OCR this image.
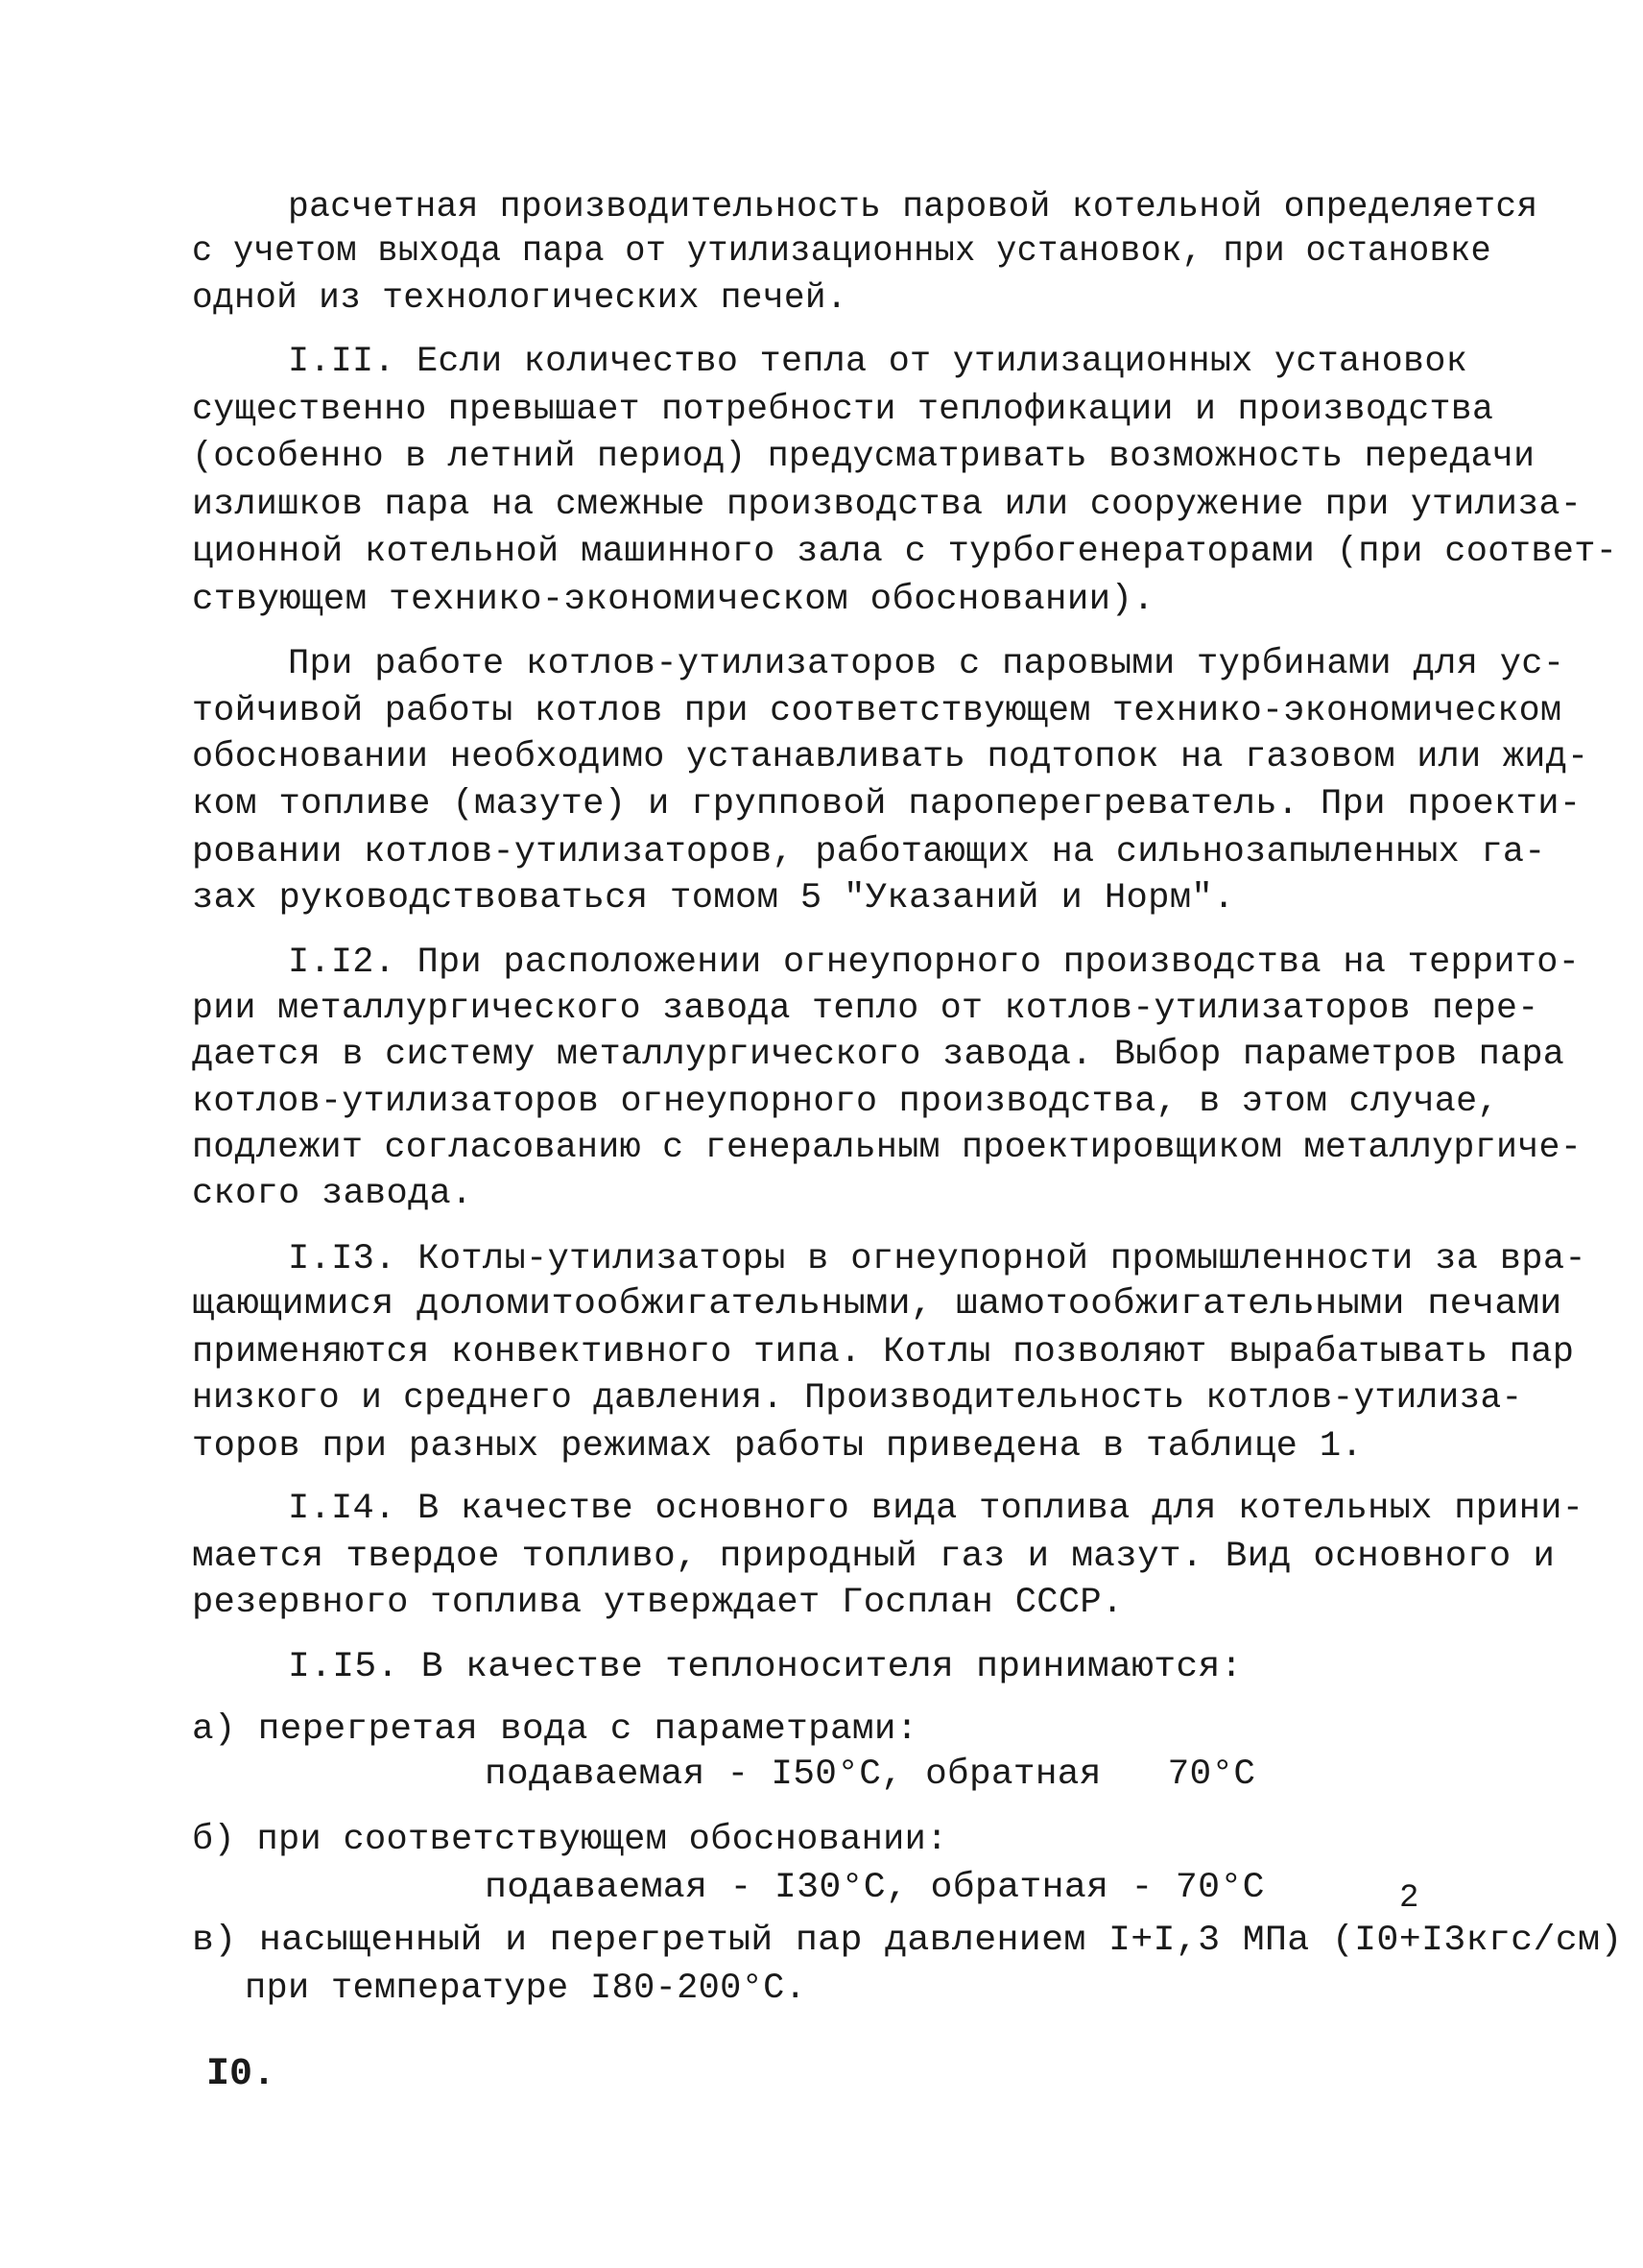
расчетная производительность паровой котельной определяется
с учетом выхода пара от утилизационных установок, при остановке
одной из технологических печей.
I.II. Если количество тепла от утилизационных установок
существенно превышает потребности теплофикации и производства
(особенно в летний период) предусматривать возможность передачи
излишков пара на смежные производства или сооружение при утилиза-
ционной котельной машинного зала с турбогенераторами (при соответ-
ствующем технико-экономическом обосновании).
При работе котлов-утилизаторов с паровыми турбинами для ус-
тойчивой работы котлов при соответствующем технико-экономическом
обосновании необходимо устанавливать подтопок на газовом или жид-
ком топливе (мазуте) и групповой пароперегреватель. При проекти-
ровании котлов-утилизаторов, работающих на сильнозапыленных га-
зах руководствоваться томом 5 "Указаний и Норм".
I.I2. При расположении огнеупорного производства на террито-
рии металлургического завода тепло от котлов-утилизаторов пере-
дается в систему металлургического завода. Выбор параметров пара
котлов-утилизаторов огнеупорного производства, в этом случае,
подлежит согласованию с генеральным проектировщиком металлургиче-
ского завода.
I.I3. Котлы-утилизаторы в огнеупорной промышленности за вра-
щающимися доломитообжигательными, шамотообжигательными печами
применяются конвективного типа. Котлы позволяют вырабатывать пар
низкого и среднего давления. Производительность котлов-утилиза-
торов при разных режимах работы приведена в таблице 1.
I.I4. В качестве основного вида топлива для котельных прини-
мается твердое топливо, природный газ и мазут. Вид основного и
резервного топлива утверждает Госплан СССР.
I.I5. В качестве теплоносителя принимаются:
а) перегретая вода с параметрами:
подаваемая - I50°С, обратная   70°С
б) при соответствующем обосновании:
подаваемая - I30°С, обратная - 70°С
в) насыщенный и перегретый пар давлением I+I,3 МПа (I0+I3кгс/см)
при температуре I80-200°С.
2
I0.
